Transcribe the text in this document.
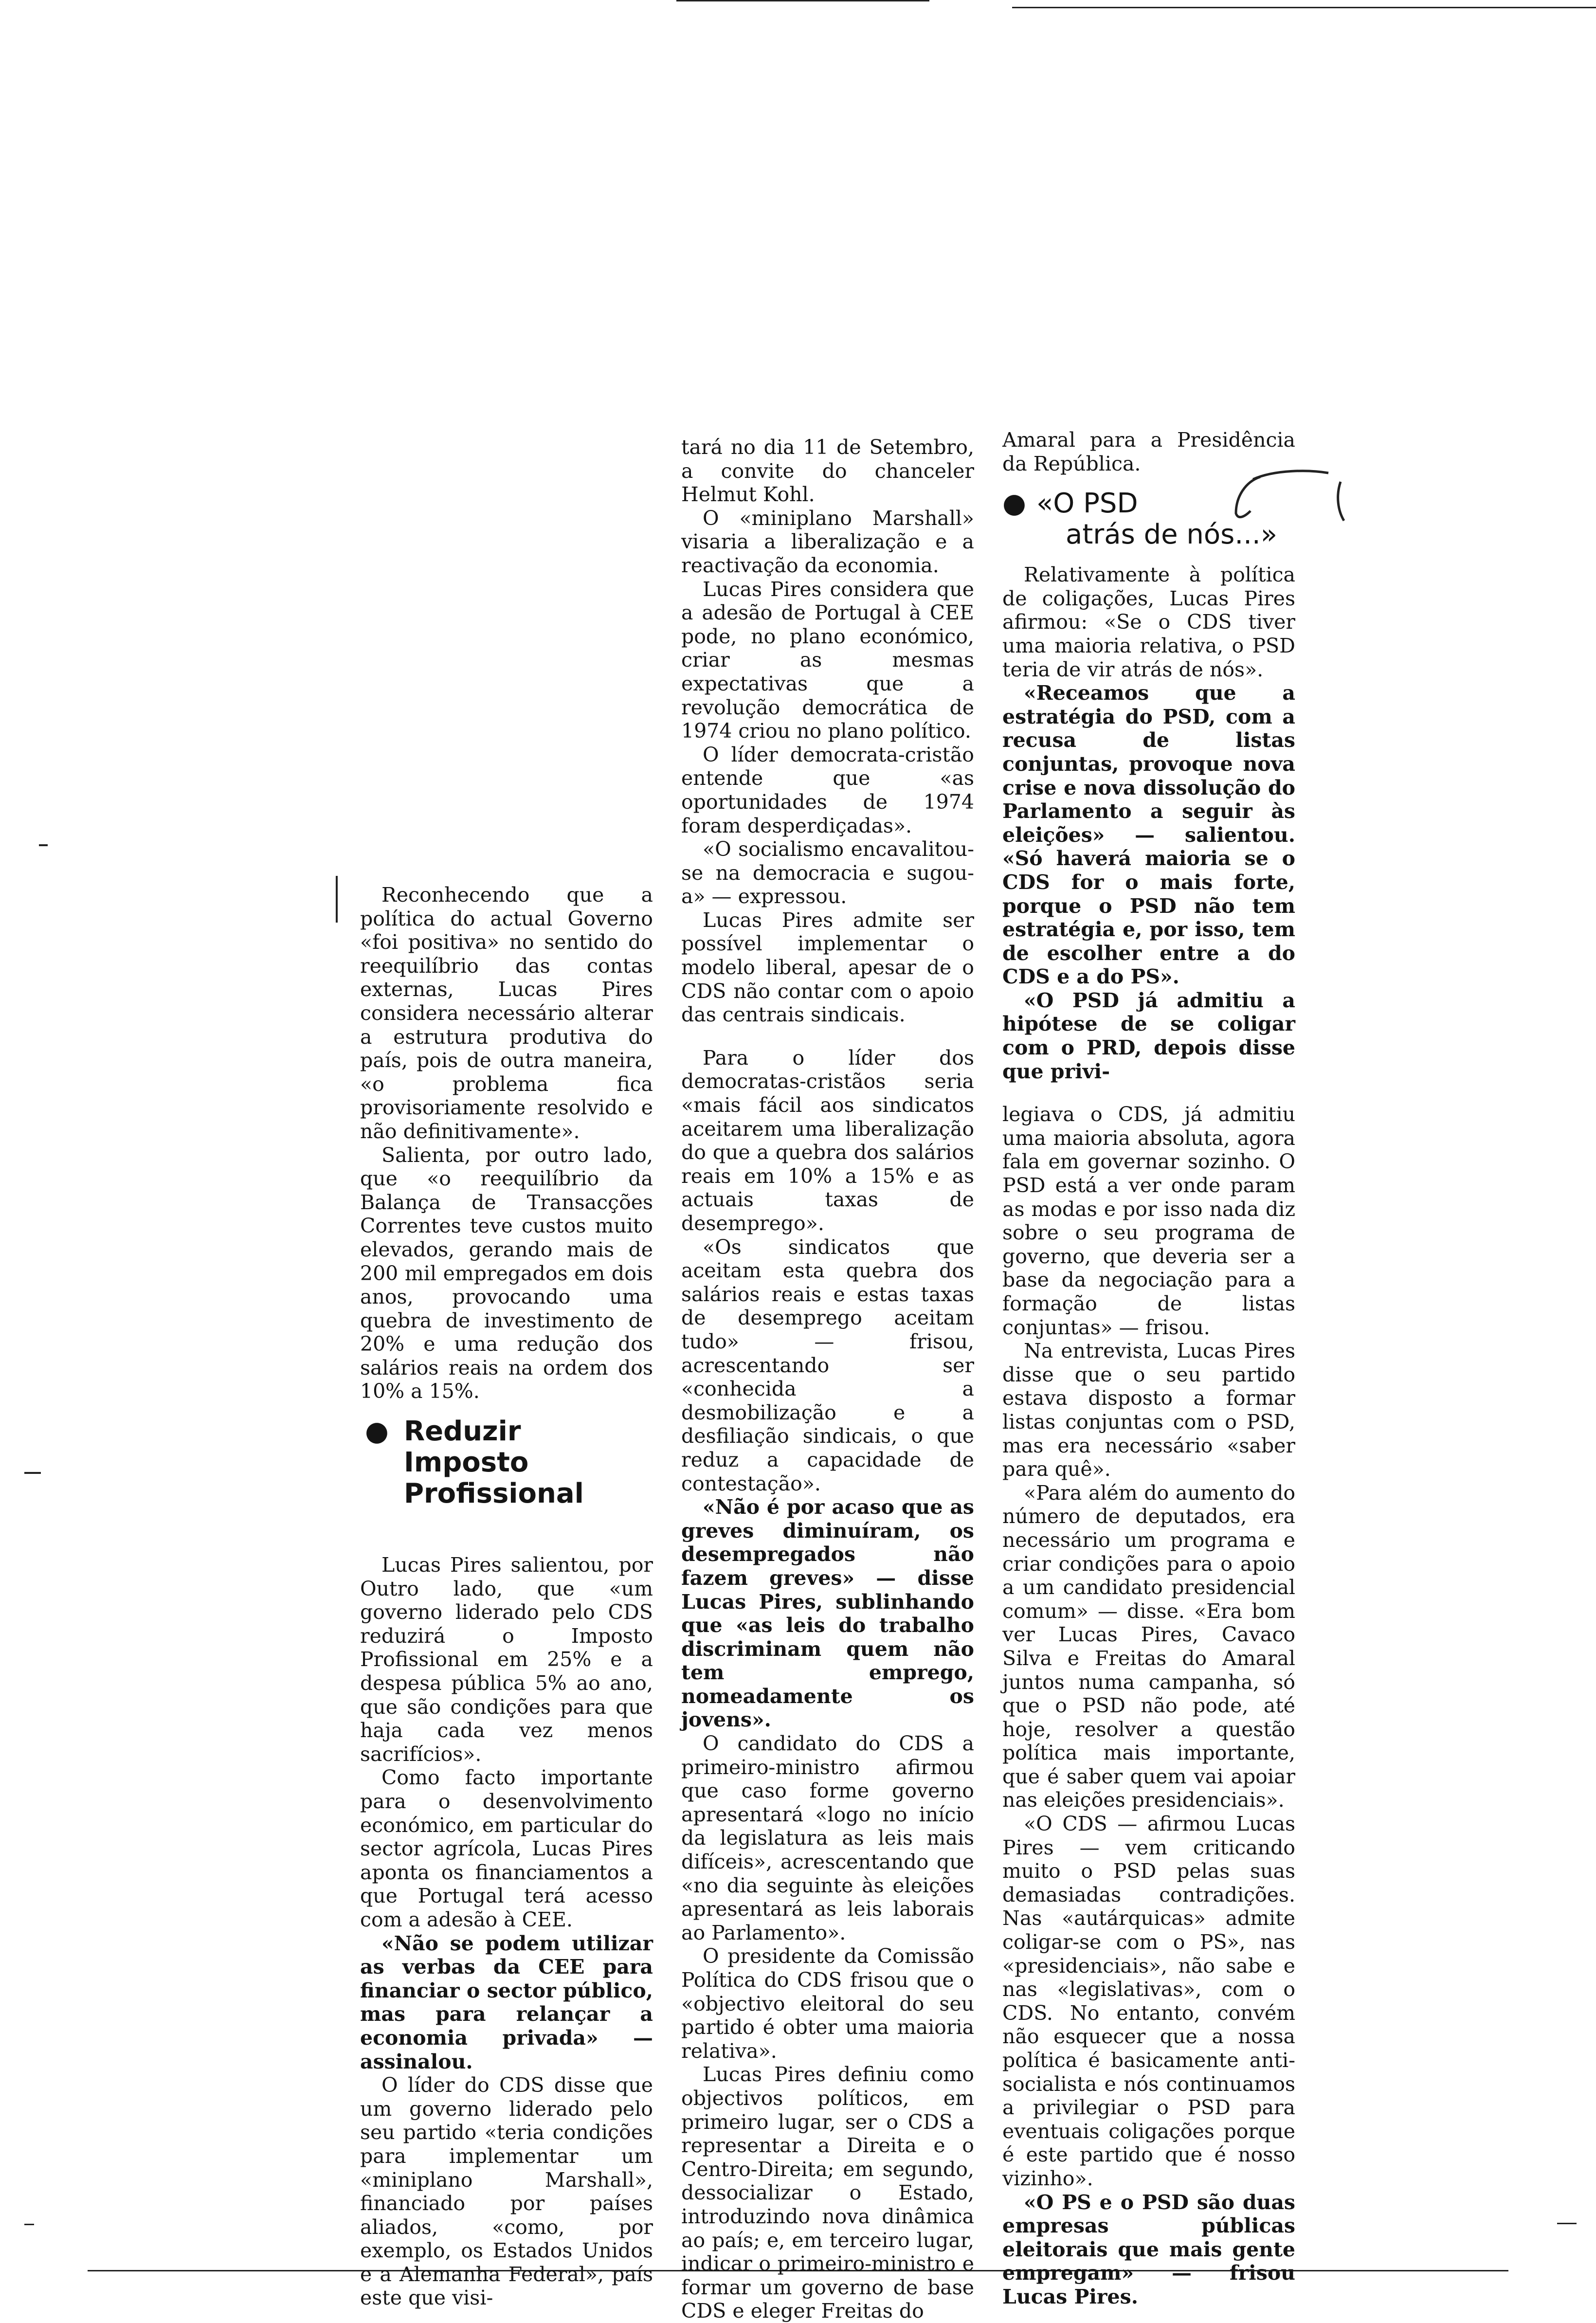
Reconhecendo que a política do actual Governo «foi positiva» no sentido do reequilíbrio das contas externas, Lucas Pires considera necessário alterar a estrutura produtiva do país, pois de outra maneira, «o problema fica provisoriamente resolvido e não definitivamente».

Salienta, por outro lado, que «o reequilíbrio da Balança de Transacções Correntes teve custos muito elevados, gerando mais de 200 mil empregados em dois anos, provocando uma quebra de investimento de 20% e uma redução dos salários reais na ordem dos 10% a 15%.

● Reduzir Imposto Profissional

Lucas Pires salientou, por Outro lado, que «um governo liderado pelo CDS reduzirá o Imposto Profissional em 25% e a despesa pública 5% ao ano, que são condições para que haja cada vez menos sacrifícios».

Como facto importante para o desenvolvimento económico, em particular do sector agrícola, Lucas Pires aponta os financiamentos a que Portugal terá acesso com a adesão à CEE.

«Não se podem utilizar as verbas da CEE para financiar o sector público, mas para relançar a economia privada» — assinalou.

O líder do CDS disse que um governo liderado pelo seu partido «teria condições para implementar um «miniplano Marshall», financiado por países aliados, «como, por exemplo, os Estados Unidos e a Alemanha Federal», país este que visi-

tará no dia 11 de Setembro, a convite do chanceler Helmut Kohl.

O «miniplano Marshall» visaria a liberalização e a reactivação da economia.

Lucas Pires considera que a adesão de Portugal à CEE pode, no plano económico, criar as mesmas expectativas que a revolução democrática de 1974 criou no plano político.

O líder democrata-cristão entende que «as oportunidades de 1974 foram desperdiçadas».

«O socialismo encavalitou-se na democracia e sugou-a» — expressou.

Lucas Pires admite ser possível implementar o modelo liberal, apesar de o CDS não contar com o apoio das centrais sindicais.

Para o líder dos democratas-cristãos seria «mais fácil aos sindicatos aceitarem uma liberalização do que a quebra dos salários reais em 10% a 15% e as actuais taxas de desemprego».

«Os sindicatos que aceitam esta quebra dos salários reais e estas taxas de desemprego aceitam tudo» — frisou, acrescentando ser «conhecida a desmobilização e a desfiliação sindicais, o que reduz a capacidade de contestação».

«Não é por acaso que as greves diminuíram, os desempregados não fazem greves» — disse Lucas Pires, sublinhando que «as leis do trabalho discriminam quem não tem emprego, nomeadamente os jovens».

O candidato do CDS a primeiro-ministro afirmou que caso forme governo apresentará «logo no início da legislatura as leis mais difíceis», acrescentando que «no dia seguinte às eleições apresentará as leis laborais ao Parlamento».

O presidente da Comissão Política do CDS frisou que o «objectivo eleitoral do seu partido é obter uma maioria relativa».

Lucas Pires definiu como objectivos políticos, em primeiro lugar, ser o CDS a representar a Direita e o Centro-Direita; em segundo, dessocializar o Estado, introduzindo nova dinâmica ao país; e, em terceiro lugar, indicar o primeiro-ministro e formar um governo de base CDS e eleger Freitas do

Amaral para a Presidência da República.

● «O PSD
atrás de nós...»

Relativamente à política de coligações, Lucas Pires afirmou: «Se o CDS tiver uma maioria relativa, o PSD teria de vir atrás de nós».

«Receamos que a estratégia do PSD, com a recusa de listas conjuntas, provoque nova crise e nova dissolução do Parlamento a seguir às eleições» — salientou. «Só haverá maioria se o CDS for o mais forte, porque o PSD não tem estratégia e, por isso, tem de escolher entre a do CDS e a do PS».

«O PSD já admitiu a hipótese de se coligar com o PRD, depois disse que privi-

legiava o CDS, já admitiu uma maioria absoluta, agora fala em governar sozinho. O PSD está a ver onde param as modas e por isso nada diz sobre o seu programa de governo, que deveria ser a base da negociação para a formação de listas conjuntas» — frisou.

Na entrevista, Lucas Pires disse que o seu partido estava disposto a formar listas conjuntas com o PSD, mas era necessário «saber para quê».

«Para além do aumento do número de deputados, era necessário um programa e criar condições para o apoio a um candidato presidencial comum» — disse. «Era bom ver Lucas Pires, Cavaco Silva e Freitas do Amaral juntos numa campanha, só que o PSD não pode, até hoje, resolver a questão política mais importante, que é saber quem vai apoiar nas eleições presidenciais».

«O CDS — afirmou Lucas Pires — vem criticando muito o PSD pelas suas demasiadas contradições. Nas «autárquicas» admite coligar-se com o PS», nas «presidenciais», não sabe e nas «legislativas», com o CDS. No entanto, convém não esquecer que a nossa política é basicamente anti-socialista e nós continuamos a privilegiar o PSD para eventuais coligações porque é este partido que é nosso vizinho».

«O PS e o PSD são duas empresas públicas eleitorais que mais gente empregam» — frisou Lucas Pires.
